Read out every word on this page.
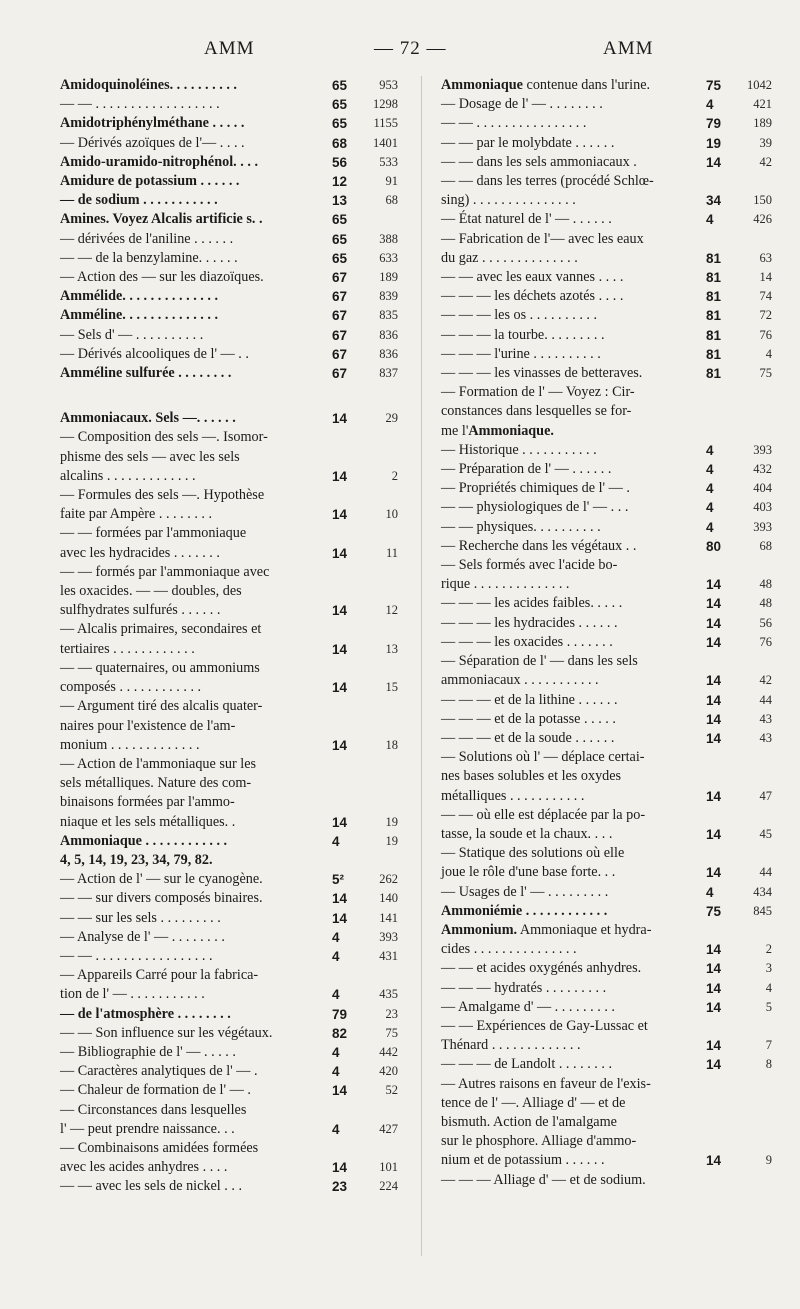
AMM	— 72 —	AMM
Amidoquinoléines. . . . . . . . . .	65	953
— — . . . . . . . . . . . . . . . . . .	65	1298
Amidotriphénylméthane . . . . .	65	1155
— Dérivés azoïques de l'— . . . .	68	1401
Amido-uramido-nitrophénol. . . .	56	533
Amidure de potassium . . . . . .	12	91
— de sodium . . . . . . . . . . .	13	68
Amines. Voyez Alcalis artificie s. .	65
— dérivées de l'aniline . . . . . .	65	388
— — de la benzylamine. . . . . .	65	633
— Action des — sur les diazoïques.	67	189
Ammélide. . . . . . . . . . . . . .	67	839
Amméline. . . . . . . . . . . . . .	67	835
— Sels d' — . . . . . . . . . .	67	836
— Dérivés alcooliques de l' — . .	67	836
Amméline sulfurée . . . . . . . .	67	837
Ammoniacaux. Sels —. . . . . .	14	29
— Composition des sels —. Isomor-
phisme des sels — avec les sels
alcalins . . . . . . . . . . . . .	14	2
— Formules des sels —. Hypothèse
faite par Ampère . . . . . . . .	14	10
— — formées par l'ammoniaque
avec les hydracides . . . . . . .	14	11
— — formés par l'ammoniaque avec
les oxacides. — — doubles, des
sulfhydrates sulfurés . . . . . .	14	12
— Alcalis primaires, secondaires et
tertiaires . . . . . . . . . . . .	14	13
— — quaternaires, ou ammoniums
composés . . . . . . . . . . . .	14	15
— Argument tiré des alcalis quater-
naires pour l'existence de l'am-
monium . . . . . . . . . . . . .	14	18
— Action de l'ammoniaque sur les
sels métalliques. Nature des com-
binaisons formées par l'ammo-
niaque et les sels métalliques. .	14	19
Ammoniaque . . . . . . . . . . . .	4	19
4, 5, 14, 19, 23, 34, 79, 82.
— Action de l' — sur le cyanogène.	5²	262
— — sur divers composés binaires.	14	140
— — sur les sels . . . . . . . . .	14	141
— Analyse de l' — . . . . . . . .	4	393
— — . . . . . . . . . . . . . . . . .	4	431
— Appareils Carré pour la fabrica-
tion de l' — . . . . . . . . . . .	4	435
— de l'atmosphère . . . . . . . .	79	23
— — Son influence sur les végétaux.	82	75
— Bibliographie de l' — . . . . .	4	442
— Caractères analytiques de l' — .	4	420
— Chaleur de formation de l' — .	14	52
— Circonstances dans lesquelles
l' — peut prendre naissance. . .	4	427
— Combinaisons amidées formées
avec les acides anhydres . . . .	14	101
— — avec les sels de nickel . . .	23	224
Ammoniaque contenue dans l'urine.	75	1042
— Dosage de l' — . . . . . . . .	4	421
— — . . . . . . . . . . . . . . . .	79	189
— — par le molybdate . . . . . .	19	39
— — dans les sels ammoniacaux .	14	42
— — dans les terres (procédé Schlœ-
sing) . . . . . . . . . . . . . . .	34	150
— État naturel de l' — . . . . . .	4	426
— Fabrication de l'— avec les eaux
du gaz . . . . . . . . . . . . . .	81	63
— — avec les eaux vannes . . . .	81	14
— — — les déchets azotés . . . .	81	74
— — — les os . . . . . . . . . .	81	72
— — — la tourbe. . . . . . . . .	81	76
— — — l'urine . . . . . . . . . .	81	4
— — — les vinasses de betteraves.	81	75
— Formation de l' — Voyez : Cir-
constances dans lesquelles se for-
me l'Ammoniaque.
— Historique . . . . . . . . . . .	4	393
— Préparation de l' — . . . . . .	4	432
— Propriétés chimiques de l' — .	4	404
— — physiologiques de l' — . . .	4	403
— — physiques. . . . . . . . . .	4	393
— Recherche dans les végétaux . .	80	68
— Sels formés avec l'acide bo-
rique . . . . . . . . . . . . . .	14	48
— — — les acides faibles. . . . .	14	48
— — — les hydracides . . . . . .	14	56
— — — les oxacides . . . . . . .	14	76
— Séparation de l' — dans les sels
ammoniacaux . . . . . . . . . . .	14	42
— — — et de la lithine . . . . . .	14	44
— — — et de la potasse . . . . .	14	43
— — — et de la soude . . . . . .	14	43
— Solutions où l' — déplace certai-
nes bases solubles et les oxydes
métalliques . . . . . . . . . . .	14	47
— — où elle est déplacée par la po-
tasse, la soude et la chaux. . . .	14	45
— Statique des solutions où elle
joue le rôle d'une base forte. . .	14	44
— Usages de l' — . . . . . . . . .	4	434
Ammoniémie . . . . . . . . . . . .	75	845
Ammonium. Ammoniaque et hydra-
cides . . . . . . . . . . . . . . .	14	2
— — et acides oxygénés anhydres.	14	3
— — — hydratés . . . . . . . . .	14	4
— Amalgame d' — . . . . . . . . .	14	5
— — Expériences de Gay-Lussac et
Thénard . . . . . . . . . . . . .	14	7
— — — de Landolt . . . . . . . .	14	8
— Autres raisons en faveur de l'exis-
tence de l' —. Alliage d' — et de
bismuth. Action de l'amalgame
sur le phosphore. Alliage d'ammo-
nium et de potassium . . . . . .	14	9
— — — Alliage d' — et de sodium.
